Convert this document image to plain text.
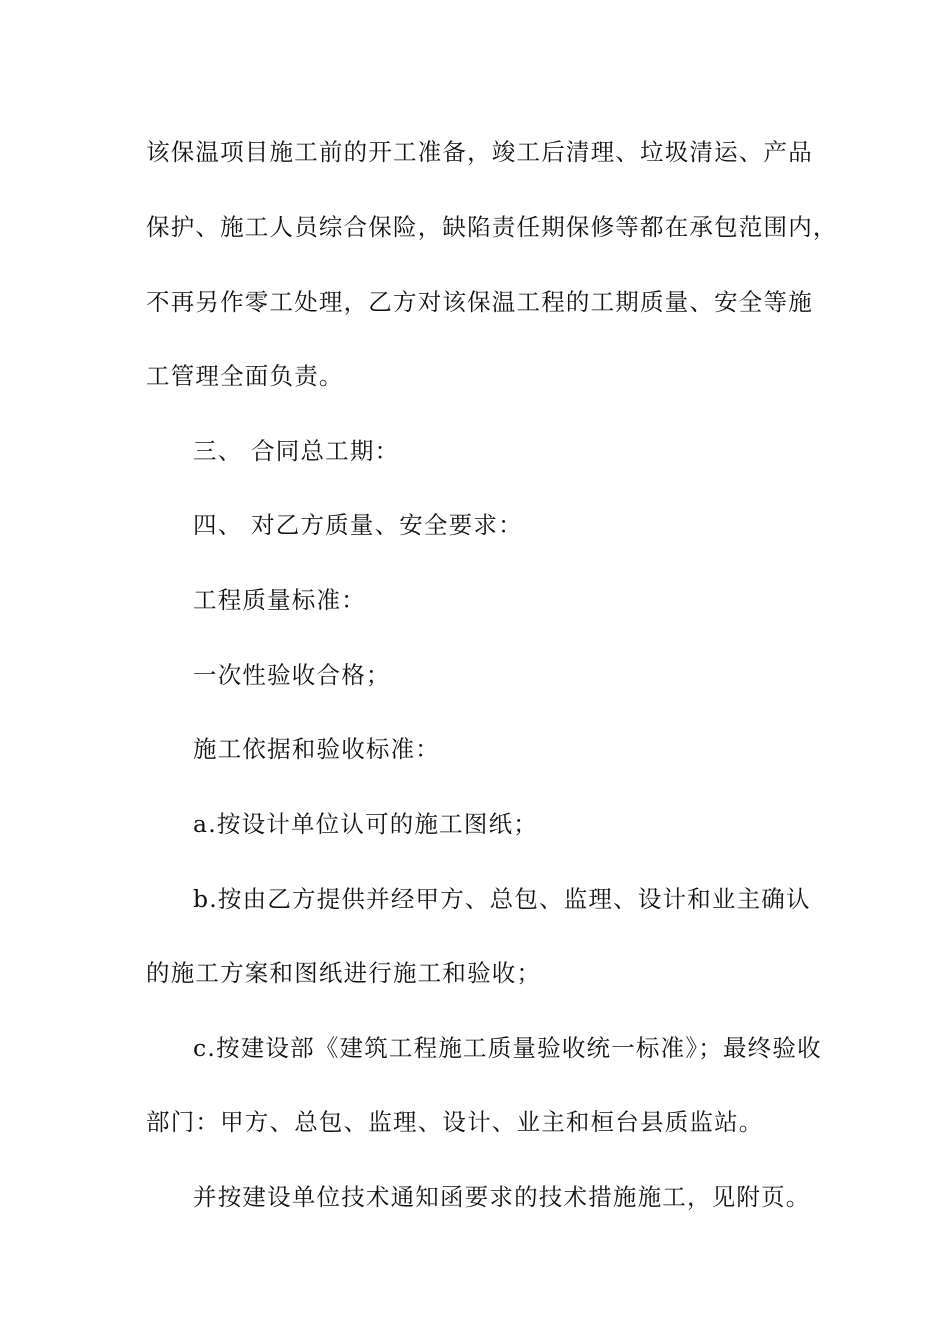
该保温项目施工前的开工准备，竣工后清理、垃圾清运、产品
保护、施工人员综合保险，缺陷责任期保修等都在承包范围内，
不再另作零工处理，乙方对该保温工程的工期质量、安全等施
工管理全面负责。
三、 合同总工期：
四、 对乙方质量、安全要求：
工程质量标准：
一次性验收合格；
施工依据和验收标准：
a.按设计单位认可的施工图纸；
b.按由乙方提供并经甲方、总包、监理、设计和业主确认
的施工方案和图纸进行施工和验收；
c.按建设部《建筑工程施工质量验收统一标准》；最终验收
部门：甲方、总包、监理、设计、业主和桓台县质监站。
并按建设单位技术通知函要求的技术措施施工，见附页。
